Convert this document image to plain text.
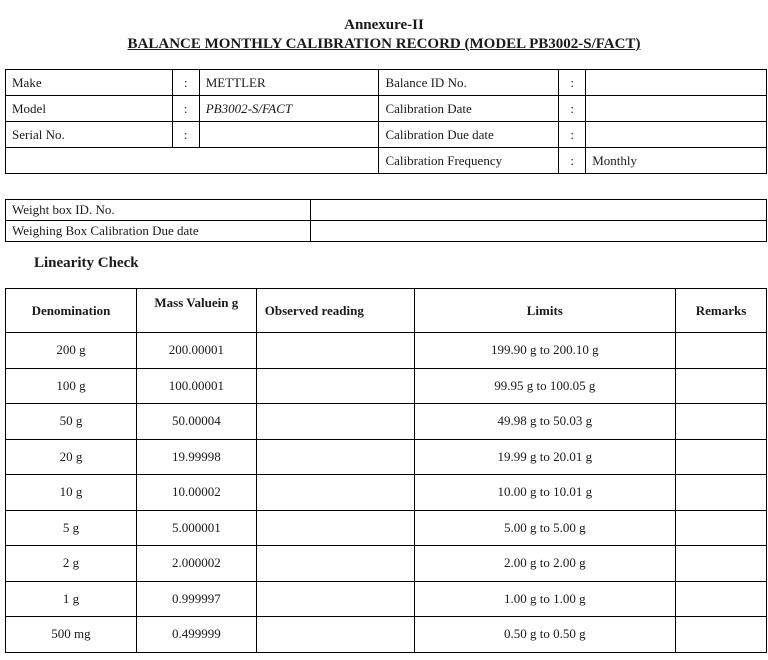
Annexure-II
BALANCE MONTHLY CALIBRATION RECORD (MODEL PB3002-S/FACT)
Make	:	METTLER	Balance ID No.	:	
Model	:	PB3002-S/FACT	Calibration Date	:	
Serial No.	:		Calibration Due date	:	
			Calibration Frequency	:	Monthly
Weight box ID. No.	
Weighing Box Calibration Due date	
Linearity Check
Denomination	Mass Valuein g	Observed reading	Limits	Remarks
200 g	200.00001		199.90 g to 200.10 g	
100 g	100.00001		99.95 g to 100.05 g	
50 g	50.00004		49.98 g to 50.03 g	
20 g	19.99998		19.99 g to 20.01 g	
10 g	10.00002		10.00 g to 10.01 g	
5 g	5.000001		5.00 g to 5.00 g	
2 g	2.000002		2.00 g to 2.00 g	
1 g	0.999997		1.00 g to 1.00 g	
500 mg	0.499999		0.50 g to 0.50 g	
